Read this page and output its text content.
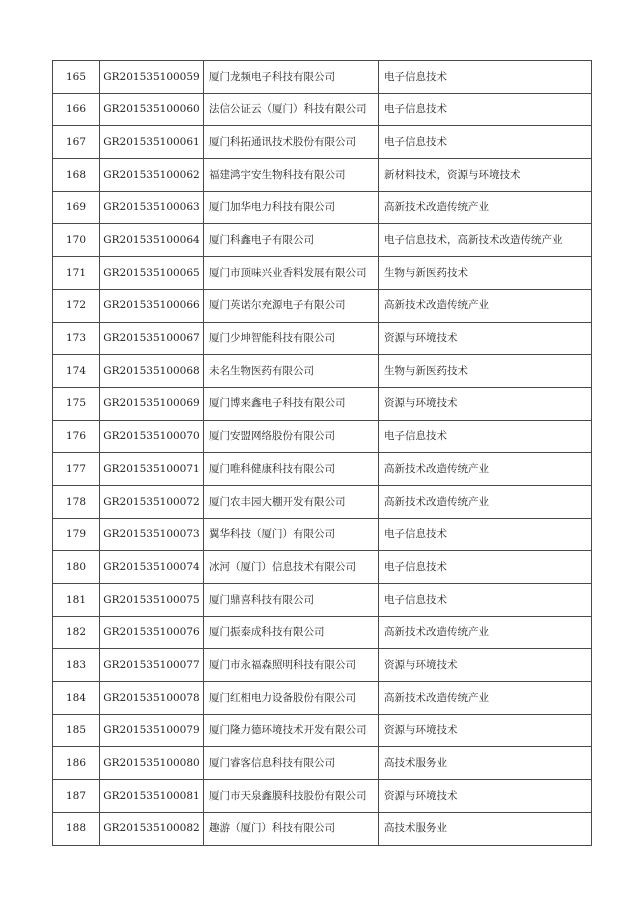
165	GR201535100059	厦门龙频电子科技有限公司	电子信息技术
166	GR201535100060	法信公证云（厦门）科技有限公司	电子信息技术
167	GR201535100061	厦门科拓通讯技术股份有限公司	电子信息技术
168	GR201535100062	福建鸿宇安生物科技有限公司	新材料技术，资源与环境技术
169	GR201535100063	厦门加华电力科技有限公司	高新技术改造传统产业
170	GR201535100064	厦门科鑫电子有限公司	电子信息技术，高新技术改造传统产业
171	GR201535100065	厦门市顶味兴业香料发展有限公司	生物与新医药技术
172	GR201535100066	厦门英诺尔充源电子有限公司	高新技术改造传统产业
173	GR201535100067	厦门少坤智能科技有限公司	资源与环境技术
174	GR201535100068	未名生物医药有限公司	生物与新医药技术
175	GR201535100069	厦门博来鑫电子科技有限公司	资源与环境技术
176	GR201535100070	厦门安盟网络股份有限公司	电子信息技术
177	GR201535100071	厦门唯科健康科技有限公司	高新技术改造传统产业
178	GR201535100072	厦门农丰园大棚开发有限公司	高新技术改造传统产业
179	GR201535100073	翼华科技（厦门）有限公司	电子信息技术
180	GR201535100074	冰河（厦门）信息技术有限公司	电子信息技术
181	GR201535100075	厦门鼎喜科技有限公司	电子信息技术
182	GR201535100076	厦门振泰成科技有限公司	高新技术改造传统产业
183	GR201535100077	厦门市永福森照明科技有限公司	资源与环境技术
184	GR201535100078	厦门红相电力设备股份有限公司	高新技术改造传统产业
185	GR201535100079	厦门隆力德环境技术开发有限公司	资源与环境技术
186	GR201535100080	厦门睿客信息科技有限公司	高技术服务业
187	GR201535100081	厦门市天泉鑫膜科技股份有限公司	资源与环境技术
188	GR201535100082	趣游（厦门）科技有限公司	高技术服务业
